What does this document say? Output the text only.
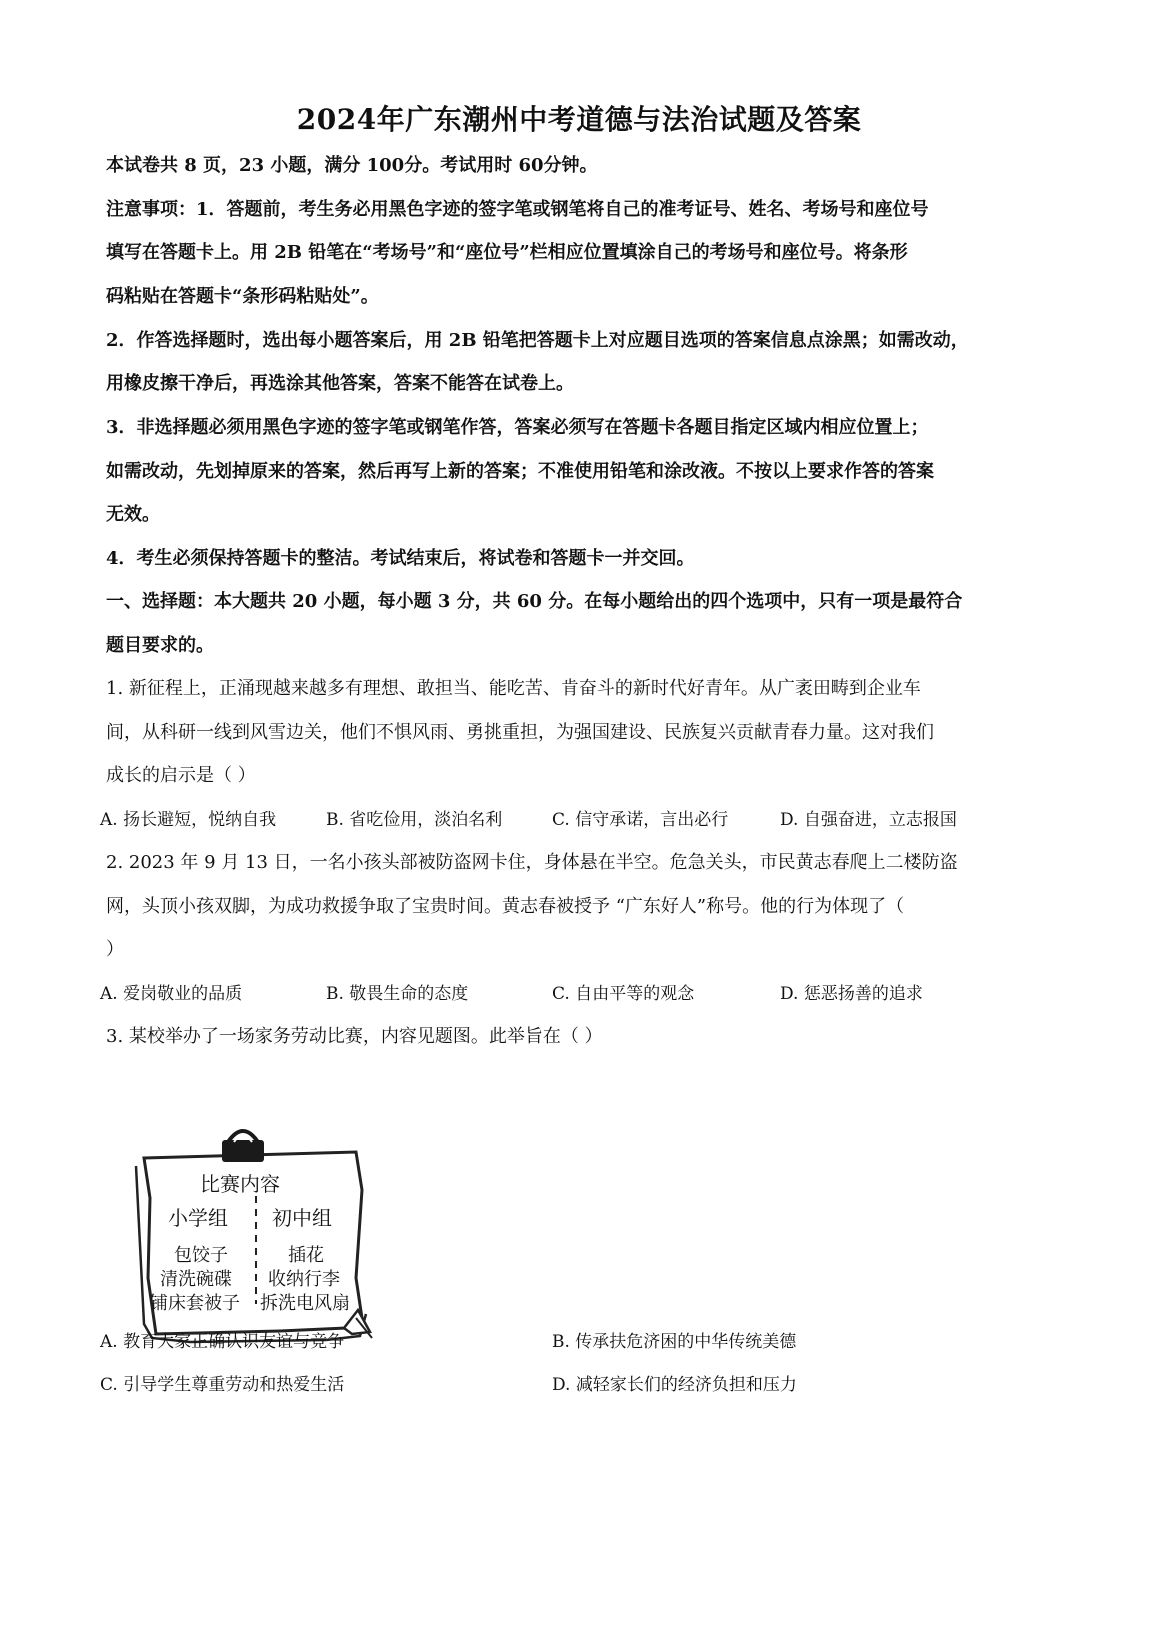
2024年广东潮州中考道德与法治试题及答案
本试卷共 8 页，23 小题，满分 100分。考试用时 60分钟。
注意事项：1．答题前，考生务必用黑色字迹的签字笔或钢笔将自己的准考证号、姓名、考场号和座位号
填写在答题卡上。用 2B 铅笔在“考场号”和“座位号”栏相应位置填涂自己的考场号和座位号。将条形
码粘贴在答题卡“条形码粘贴处”。
2．作答选择题时，选出每小题答案后，用 2B 铅笔把答题卡上对应题目选项的答案信息点涂黑；如需改动，
用橡皮擦干净后，再选涂其他答案，答案不能答在试卷上。
3．非选择题必须用黑色字迹的签字笔或钢笔作答，答案必须写在答题卡各题目指定区域内相应位置上；
如需改动，先划掉原来的答案，然后再写上新的答案；不准使用铅笔和涂改液。不按以上要求作答的答案
无效。
4．考生必须保持答题卡的整洁。考试结束后，将试卷和答题卡一并交回。
一、选择题：本大题共 20 小题，每小题 3 分，共 60 分。在每小题给出的四个选项中，只有一项是最符合
题目要求的。
1. 新征程上，正涌现越来越多有理想、敢担当、能吃苦、肯奋斗的新时代好青年。从广袤田畴到企业车
间，从科研一线到风雪边关，他们不惧风雨、勇挑重担，为强国建设、民族复兴贡献青春力量。这对我们
成长的启示是（ ）
A. 扬长避短，悦纳自我	B. 省吃俭用，淡泊名利	C. 信守承诺，言出必行	D. 自强奋进，立志报国
2. 2023 年 9 月 13 日，一名小孩头部被防盗网卡住，身体悬在半空。危急关头，市民黄志春爬上二楼防盗
网，头顶小孩双脚，为成功救援争取了宝贵时间。黄志春被授予 “广东好人”称号。他的行为体现了（
）
A. 爱岗敬业的品质	B. 敬畏生命的态度	C. 自由平等的观念	D. 惩恶扬善的追求
3. 某校举办了一场家务劳动比赛，内容见题图。此举旨在（ ）
比赛内容
小学组 初中组
包饺子
清洗碗碟
铺床套被子
插花
收纳行李
拆洗电风扇
A. 教育大家正确认识友谊与竞争	B. 传承扶危济困的中华传统美德
C. 引导学生尊重劳动和热爱生活	D. 减轻家长们的经济负担和压力
